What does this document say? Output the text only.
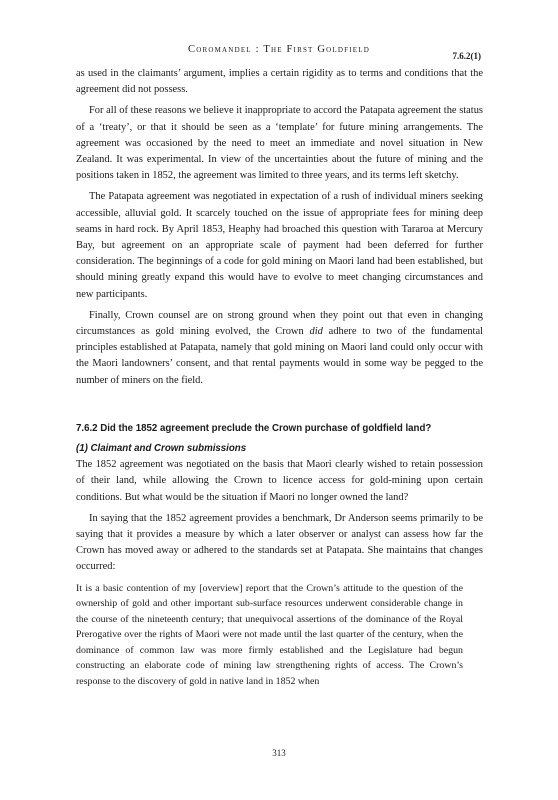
Coromandel : The First Goldfield
7.6.2(1)

as used in the claimants’ argument, implies a certain rigidity as to terms and conditions that the agreement did not possess.

For all of these reasons we believe it inappropriate to accord the Patapata agreement the status of a ‘treaty’, or that it should be seen as a ‘template’ for future mining arrangements. The agreement was occasioned by the need to meet an immediate and novel situation in New Zealand. It was experimental. In view of the uncertainties about the future of mining and the positions taken in 1852, the agreement was limited to three years, and its terms left sketchy.

The Patapata agreement was negotiated in expectation of a rush of individual miners seeking accessible, alluvial gold. It scarcely touched on the issue of appropriate fees for mining deep seams in hard rock. By April 1853, Heaphy had broached this question with Tararoa at Mercury Bay, but agreement on an appropriate scale of payment had been deferred for further consideration. The beginnings of a code for gold mining on Maori land had been established, but should mining greatly expand this would have to evolve to meet changing circumstances and new participants.

Finally, Crown counsel are on strong ground when they point out that even in changing circumstances as gold mining evolved, the Crown did adhere to two of the fundamental principles established at Patapata, namely that gold mining on Maori land could only occur with the Maori landowners’ consent, and that rental payments would in some way be pegged to the number of miners on the field.

7.6.2 Did the 1852 agreement preclude the Crown purchase of goldfield land?
(1) Claimant and Crown submissions

The 1852 agreement was negotiated on the basis that Maori clearly wished to retain possession of their land, while allowing the Crown to licence access for gold-mining upon certain conditions. But what would be the situation if Maori no longer owned the land?

In saying that the 1852 agreement provides a benchmark, Dr Anderson seems primarily to be saying that it provides a measure by which a later observer or analyst can assess how far the Crown has moved away or adhered to the standards set at Patapata. She maintains that changes occurred:

It is a basic contention of my [overview] report that the Crown’s attitude to the question of the ownership of gold and other important sub-surface resources underwent considerable change in the course of the nineteenth century; that unequivocal assertions of the dominance of the Royal Prerogative over the rights of Maori were not made until the last quarter of the century, when the dominance of common law was more firmly established and the Legislature had begun constructing an elaborate code of mining law strengthening rights of access. The Crown’s response to the discovery of gold in native land in 1852 when

313
